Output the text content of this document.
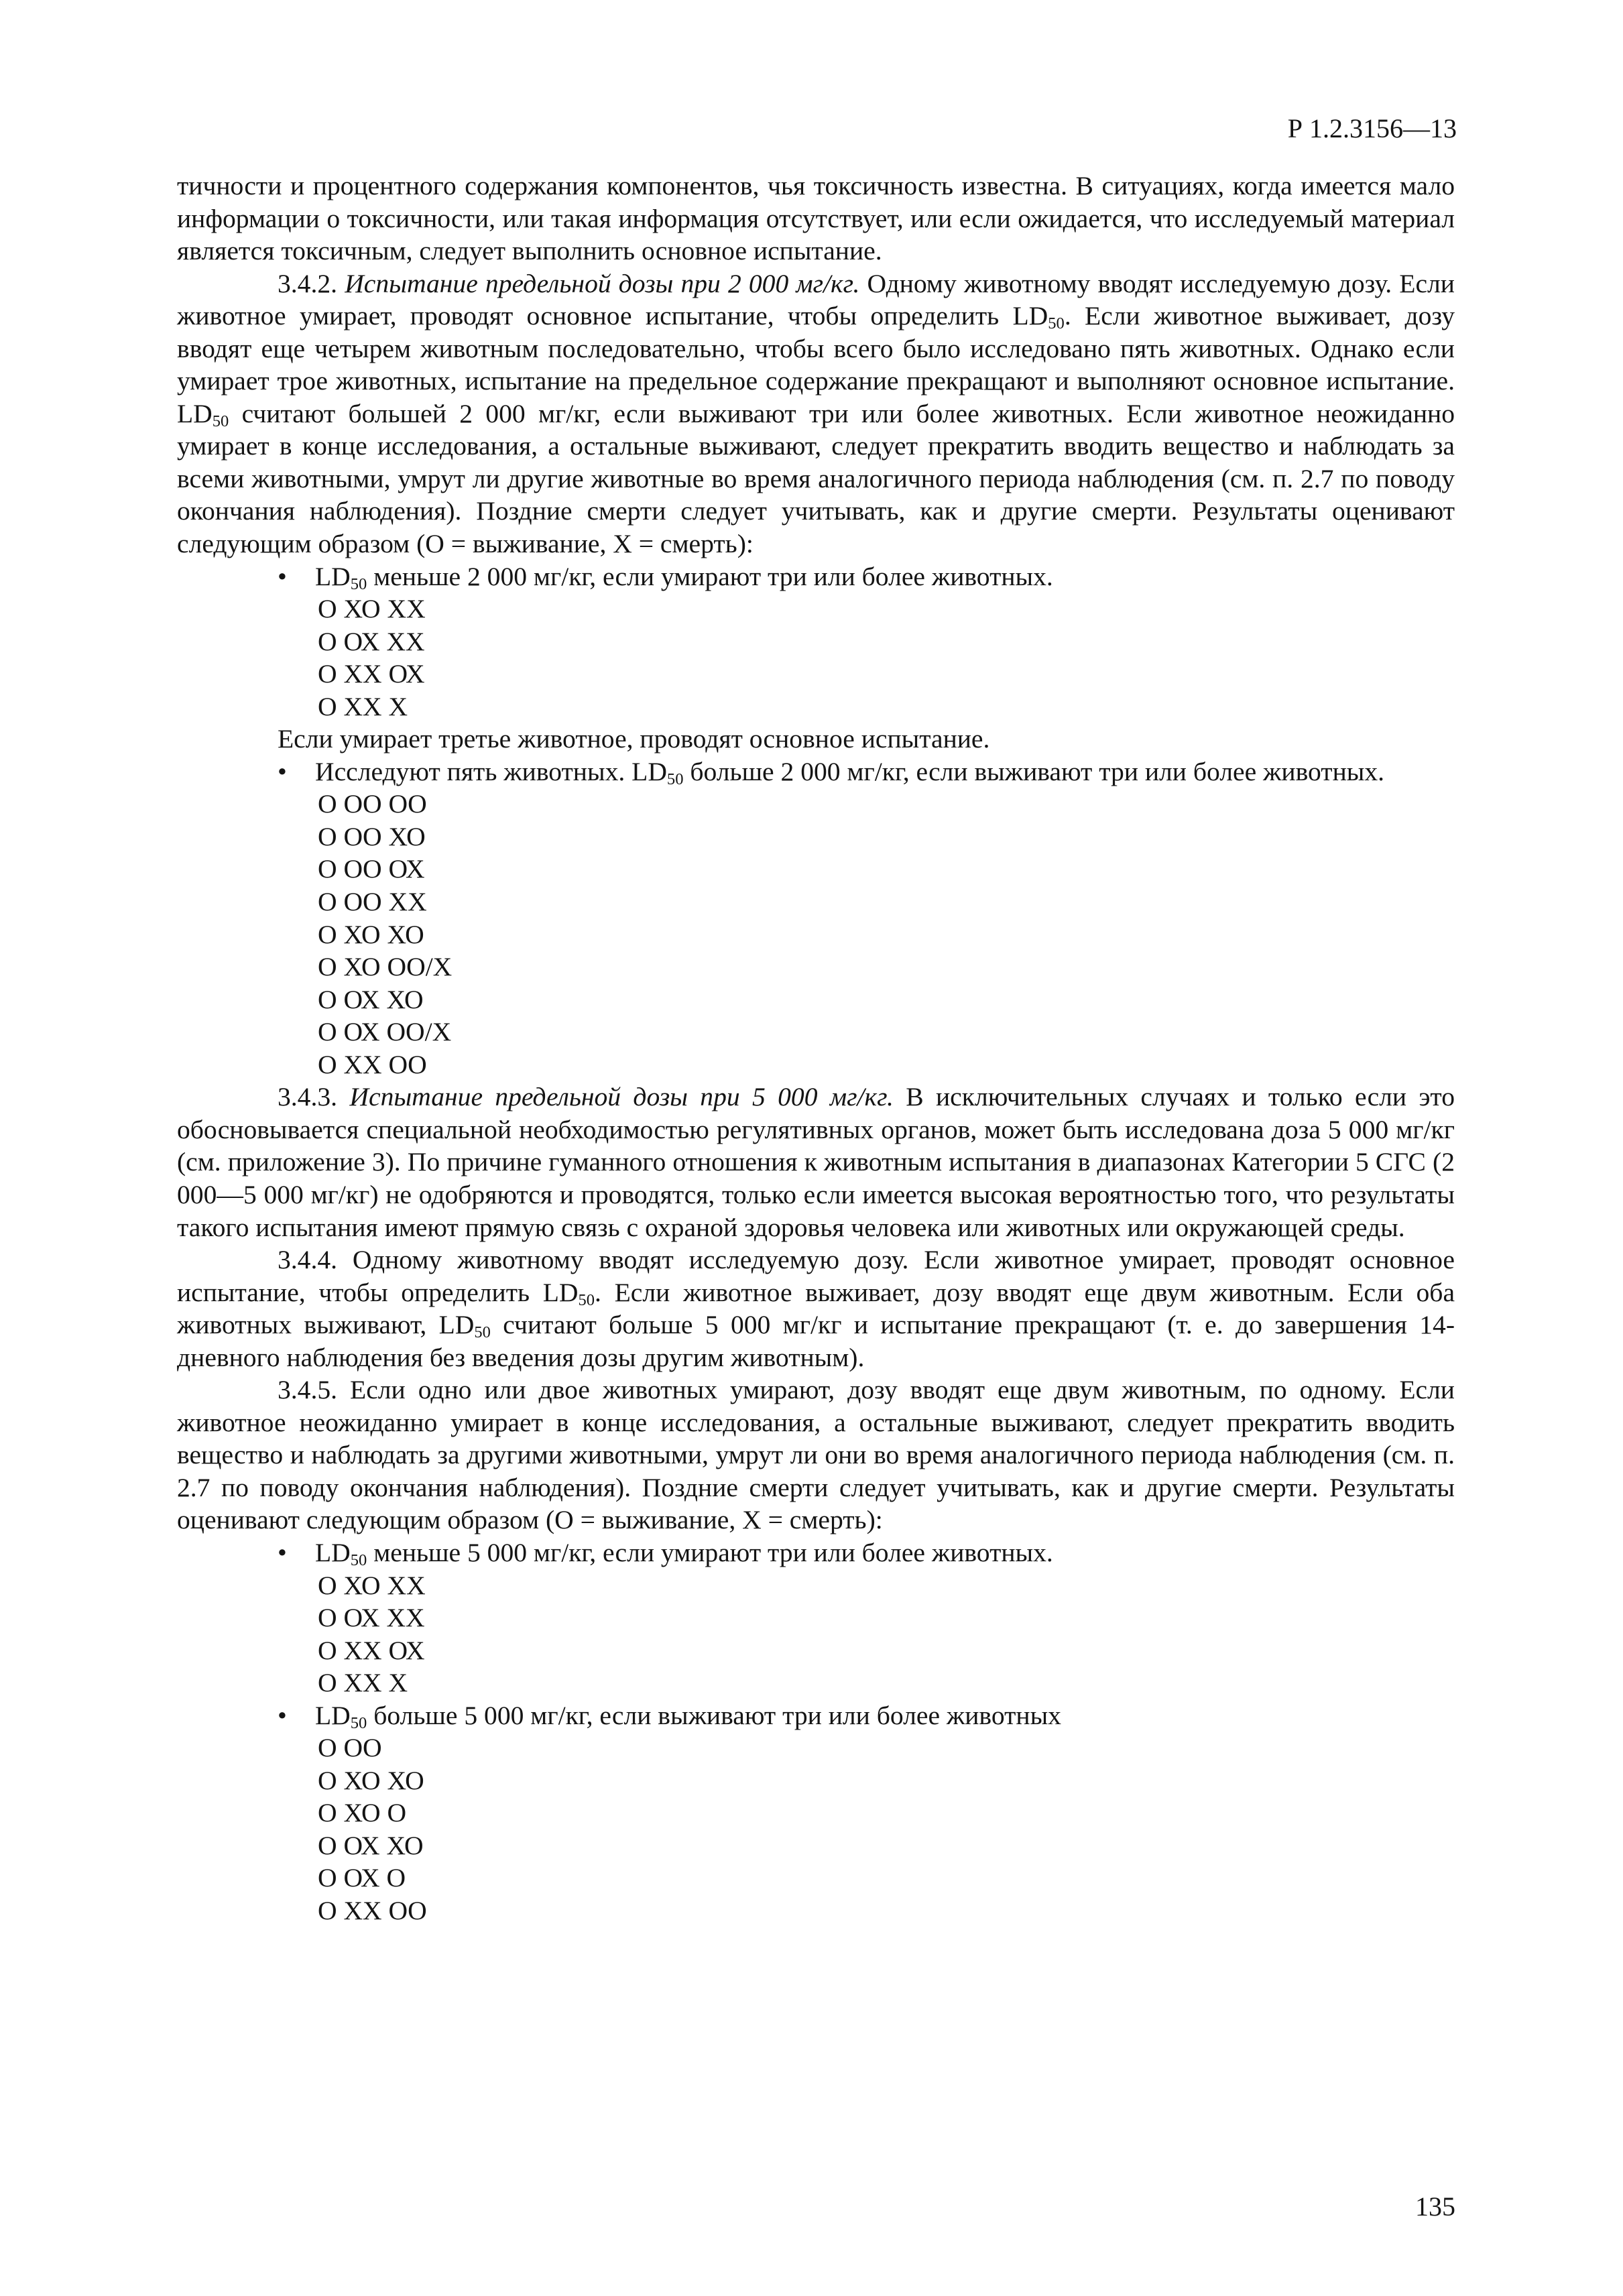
Р 1.2.3156—13

тичности и процентного содержания компонентов, чья токсичность известна. В ситуациях, когда имеется мало информации о токсичности, или такая информация отсутствует, или если ожидается, что исследуемый материал является токсичным, следует выполнить основное испытание.

3.4.2. Испытание предельной дозы при 2 000 мг/кг. Одному животному вводят исследуемую дозу. Если животное умирает, проводят основное испытание, чтобы определить $LD_{50}$. Если животное выживает, дозу вводят еще четырем животным последовательно, чтобы всего было исследовано пять животных. Однако если умирает трое животных, испытание на предельное содержание прекращают и выполняют основное испытание. $LD_{50}$ считают большей 2 000 мг/кг, если выживают три или более животных. Если животное неожиданно умирает в конце исследования, а остальные выживают, следует прекратить вводить вещество и наблюдать за всеми животными, умрут ли другие животные во время аналогичного периода наблюдения (см. п. 2.7 по поводу окончания наблюдения). Поздние смерти следует учитывать, как и другие смерти. Результаты оценивают следующим образом (О = выживание, Х = смерть):

• $LD_{50}$ меньше 2 000 мг/кг, если умирают три или более животных.

О ХО ХХ

О ОХ ХХ

О ХХ ОХ

О ХХ Х

Если умирает третье животное, проводят основное испытание.

• Исследуют пять животных. $LD_{50}$ больше 2 000 мг/кг, если выживают три или более животных.

О ОО ОО

О ОО ХО

О ОО ОХ

О ОО ХХ

О ХО ХО

О ХО ОО/Х

О ОХ ХО

О ОХ ОО/Х

О ХХ ОО

3.4.3. Испытание предельной дозы при 5 000 мг/кг. В исключительных случаях и только если это обосновывается специальной необходимостью регулятивных органов, может быть исследована доза 5 000 мг/кг (см. приложение 3). По причине гуманного отношения к животным испытания в диапазонах Категории 5 СГС (2 000—5 000 мг/кг) не одобряются и проводятся, только если имеется высокая вероятностью того, что результаты такого испытания имеют прямую связь с охраной здоровья человека или животных или окружающей среды.

3.4.4. Одному животному вводят исследуемую дозу. Если животное умирает, проводят основное испытание, чтобы определить $LD_{50}$. Если животное выживает, дозу вводят еще двум животным. Если оба животных выживают, $LD_{50}$ считают больше 5 000 мг/кг и испытание прекращают (т. е. до завершения 14-дневного наблюдения без введения дозы другим животным).

3.4.5. Если одно или двое животных умирают, дозу вводят еще двум животным, по одному. Если животное неожиданно умирает в конце исследования, а остальные выживают, следует прекратить вводить вещество и наблюдать за другими животными, умрут ли они во время аналогичного периода наблюдения (см. п. 2.7 по поводу окончания наблюдения). Поздние смерти следует учитывать, как и другие смерти. Результаты оценивают следующим образом (О = выживание, Х = смерть):

• $LD_{50}$ меньше 5 000 мг/кг, если умирают три или более животных.

О ХО ХХ

О ОХ ХХ

О ХХ ОХ

О ХХ Х

• $LD_{50}$ больше 5 000 мг/кг, если выживают три или более животных

О ОО

О ХО ХО

О ХО О

О ОХ ХО

О ОХ О

О ХХ ОО

135
